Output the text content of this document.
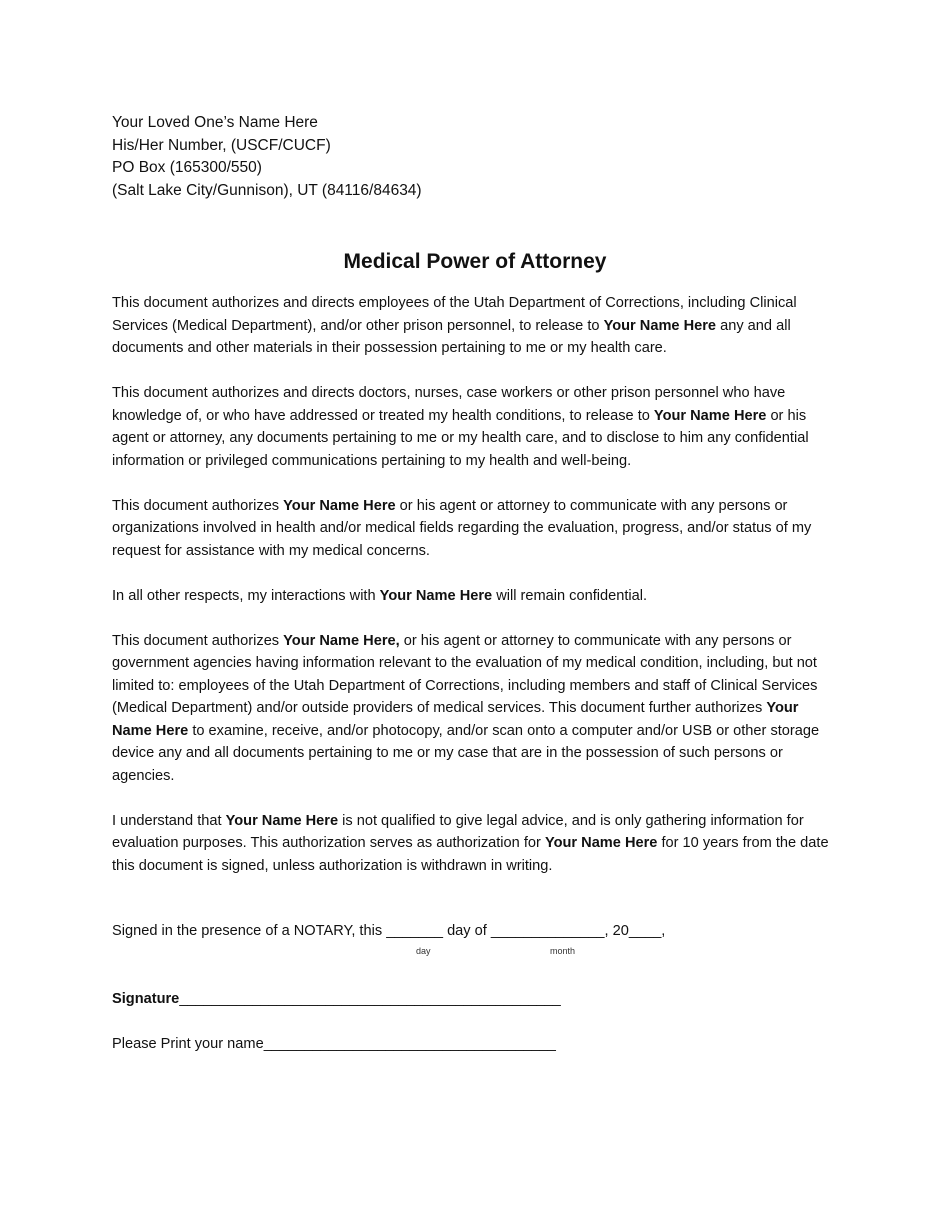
Your Loved One’s Name Here
His/Her Number, (USCF/CUCF)
PO Box (165300/550)
(Salt Lake City/Gunnison), UT (84116/84634)
Medical Power of Attorney

This document authorizes and directs employees of the Utah Department of Corrections, including Clinical Services (Medical Department), and/or other prison personnel, to release to Your Name Here any and all documents and other materials in their possession pertaining to me or my health care.

This document authorizes and directs doctors, nurses, case workers or other prison personnel who have knowledge of, or who have addressed or treated my health conditions, to release to Your Name Here or his agent or attorney, any documents pertaining to me or my health care, and to disclose to him any confidential information or privileged communications pertaining to my health and well-being.

This document authorizes Your Name Here or his agent or attorney to communicate with any persons or organizations involved in health and/or medical fields regarding the evaluation, progress, and/or status of my request for assistance with my medical concerns.

In all other respects, my interactions with Your Name Here will remain confidential.

This document authorizes Your Name Here, or his agent or attorney to communicate with any persons or government agencies having information relevant to the evaluation of my medical condition, including, but not limited to: employees of the Utah Department of Corrections, including members and staff of Clinical Services (Medical Department) and/or outside providers of medical services. This document further authorizes Your Name Here to examine, receive, and/or photocopy, and/or scan onto a computer and/or USB or other storage device any and all documents pertaining to me or my case that are in the possession of such persons or agencies.

I understand that Your Name Here is not qualified to give legal advice, and is only gathering information for evaluation purposes. This authorization serves as authorization for Your Name Here for 10 years from the date this document is signed, unless authorization is withdrawn in writing.

Signed in the presence of a NOTARY, this _______ day of ______________, 20____,
day	month
Signature_______________________________________________
Please Print your name____________________________________
